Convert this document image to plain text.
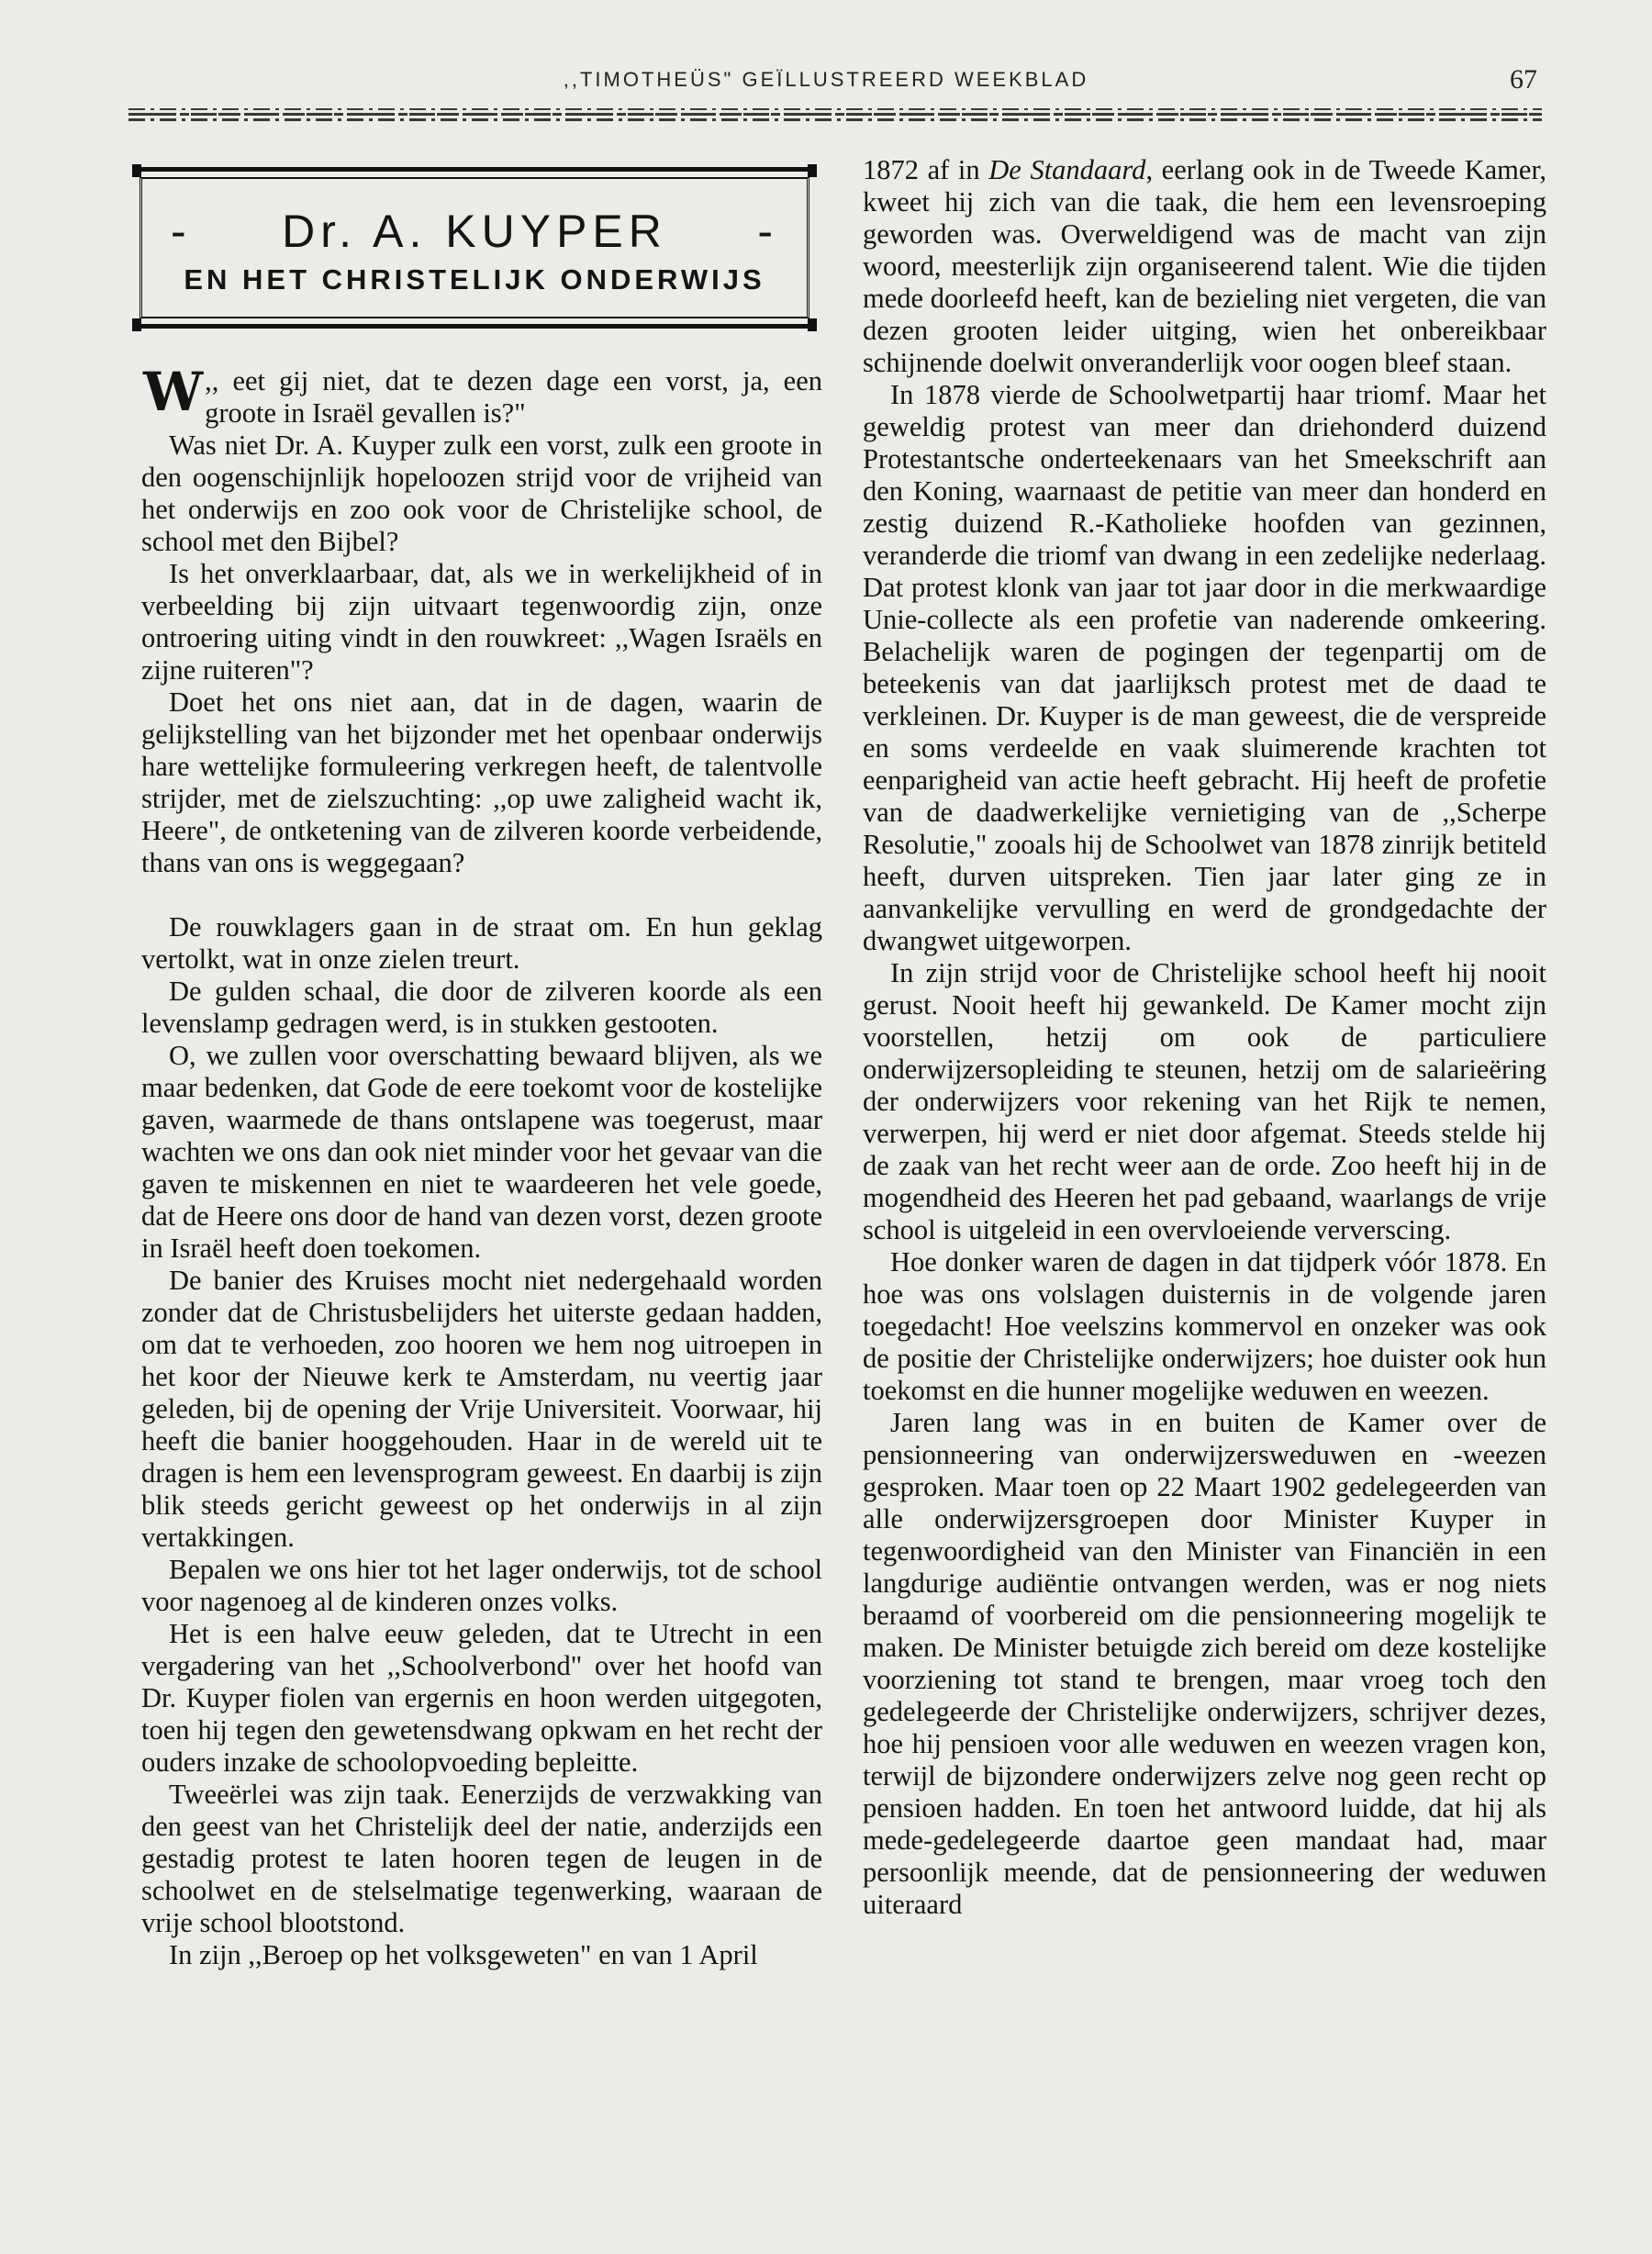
,,TIMOTHEÜS" GEÏLLUSTREERD WEEKBLAD	67
- Dr. A. KUYPER -
EN HET CHRISTELIJK ONDERWIJS

,,
W eet gij niet, dat te dezen dage een vorst, ja, een groote in Israël gevallen is?"

Was niet Dr. A. Kuyper zulk een vorst, zulk een groote in den oogenschijnlijk hopeloozen strijd voor de vrijheid van het onderwijs en zoo ook voor de Christelijke school, de school met den Bijbel?

Is het onverklaarbaar, dat, als we in werkelijkheid of in verbeelding bij zijn uitvaart tegenwoordig zijn, onze ontroering uiting vindt in den rouwkreet: ,,Wagen Israëls en zijne ruiteren"?

Doet het ons niet aan, dat in de dagen, waarin de gelijkstelling van het bijzonder met het openbaar onderwijs hare wettelijke formuleering verkregen heeft, de talentvolle strijder, met de zielszuchting: ,,op uwe zaligheid wacht ik, Heere", de ontketening van de zilveren koorde verbeidende, thans van ons is weggegaan?

De rouwklagers gaan in de straat om. En hun geklag vertolkt, wat in onze zielen treurt.

De gulden schaal, die door de zilveren koorde als een levenslamp gedragen werd, is in stukken gestooten.

O, we zullen voor overschatting bewaard blijven, als we maar bedenken, dat Gode de eere toekomt voor de kostelijke gaven, waarmede de thans ontslapene was toegerust, maar wachten we ons dan ook niet minder voor het gevaar van die gaven te miskennen en niet te waardeeren het vele goede, dat de Heere ons door de hand van dezen vorst, dezen groote in Israël heeft doen toekomen.

De banier des Kruises mocht niet nedergehaald worden zonder dat de Christusbelijders het uiterste gedaan hadden, om dat te verhoeden, zoo hooren we hem nog uitroepen in het koor der Nieuwe kerk te Amsterdam, nu veertig jaar geleden, bij de opening der Vrije Universiteit. Voorwaar, hij heeft die banier hooggehouden. Haar in de wereld uit te dragen is hem een levensprogram geweest. En daarbij is zijn blik steeds gericht geweest op het onderwijs in al zijn vertakkingen.

Bepalen we ons hier tot het lager onderwijs, tot de school voor nagenoeg al de kinderen onzes volks.

Het is een halve eeuw geleden, dat te Utrecht in een vergadering van het ,,Schoolverbond" over het hoofd van Dr. Kuyper fiolen van ergernis en hoon werden uitgegoten, toen hij tegen den gewetensdwang opkwam en het recht der ouders inzake de schoolopvoeding bepleitte.

Tweeërlei was zijn taak. Eenerzijds de verzwakking van den geest van het Christelijk deel der natie, anderzijds een gestadig protest te laten hooren tegen de leugen in de schoolwet en de stelselmatige tegenwerking, waaraan de vrije school blootstond.

In zijn ,,Beroep op het volksgeweten" en van 1 April

1872 af in De Standaard, eerlang ook in de Tweede Kamer, kweet hij zich van die taak, die hem een levensroeping geworden was. Overweldigend was de macht van zijn woord, meesterlijk zijn organiseerend talent. Wie die tijden mede doorleefd heeft, kan de bezieling niet vergeten, die van dezen grooten leider uitging, wien het onbereikbaar schijnende doelwit onveranderlijk voor oogen bleef staan.

In 1878 vierde de Schoolwetpartij haar triomf. Maar het geweldig protest van meer dan driehonderd duizend Protestantsche onderteekenaars van het Smeekschrift aan den Koning, waarnaast de petitie van meer dan honderd en zestig duizend R.-Katholieke hoofden van gezinnen, veranderde die triomf van dwang in een zedelijke nederlaag. Dat protest klonk van jaar tot jaar door in die merkwaardige Unie-collecte als een profetie van naderende omkeering. Belachelijk waren de pogingen der tegenpartij om de beteekenis van dat jaarlijksch protest met de daad te verkleinen. Dr. Kuyper is de man geweest, die de verspreide en soms verdeelde en vaak sluimerende krachten tot eenparigheid van actie heeft gebracht. Hij heeft de profetie van de daadwerkelijke vernietiging van de ,,Scherpe Resolutie," zooals hij de Schoolwet van 1878 zinrijk betiteld heeft, durven uitspreken. Tien jaar later ging ze in aanvankelijke vervulling en werd de grondgedachte der dwangwet uitgeworpen.

In zijn strijd voor de Christelijke school heeft hij nooit gerust. Nooit heeft hij gewankeld. De Kamer mocht zijn voorstellen, hetzij om ook de particuliere onderwijzersopleiding te steunen, hetzij om de salarieëring der onderwijzers voor rekening van het Rijk te nemen, verwerpen, hij werd er niet door afgemat. Steeds stelde hij de zaak van het recht weer aan de orde. Zoo heeft hij in de mogendheid des Heeren het pad gebaand, waarlangs de vrije school is uitgeleid in een overvloeiende ververscing.

Hoe donker waren de dagen in dat tijdperk vóór 1878. En hoe was ons volslagen duisternis in de volgende jaren toegedacht! Hoe veelszins kommervol en onzeker was ook de positie der Christelijke onderwijzers; hoe duister ook hun toekomst en die hunner mogelijke weduwen en weezen.

Jaren lang was in en buiten de Kamer over de pensionneering van onderwijzersweduwen en -weezen gesproken. Maar toen op 22 Maart 1902 gedelegeerden van alle onderwijzersgroepen door Minister Kuyper in tegenwoordigheid van den Minister van Financiën in een langdurige audiëntie ontvangen werden, was er nog niets beraamd of voorbereid om die pensionneering mogelijk te maken. De Minister betuigde zich bereid om deze kostelijke voorziening tot stand te brengen, maar vroeg toch den gedelegeerde der Christelijke onderwijzers, schrijver dezes, hoe hij pensioen voor alle weduwen en weezen vragen kon, terwijl de bijzondere onderwijzers zelve nog geen recht op pensioen hadden. En toen het antwoord luidde, dat hij als mede-gedelegeerde daartoe geen mandaat had, maar persoonlijk meende, dat de pensionneering der weduwen uiteraard
